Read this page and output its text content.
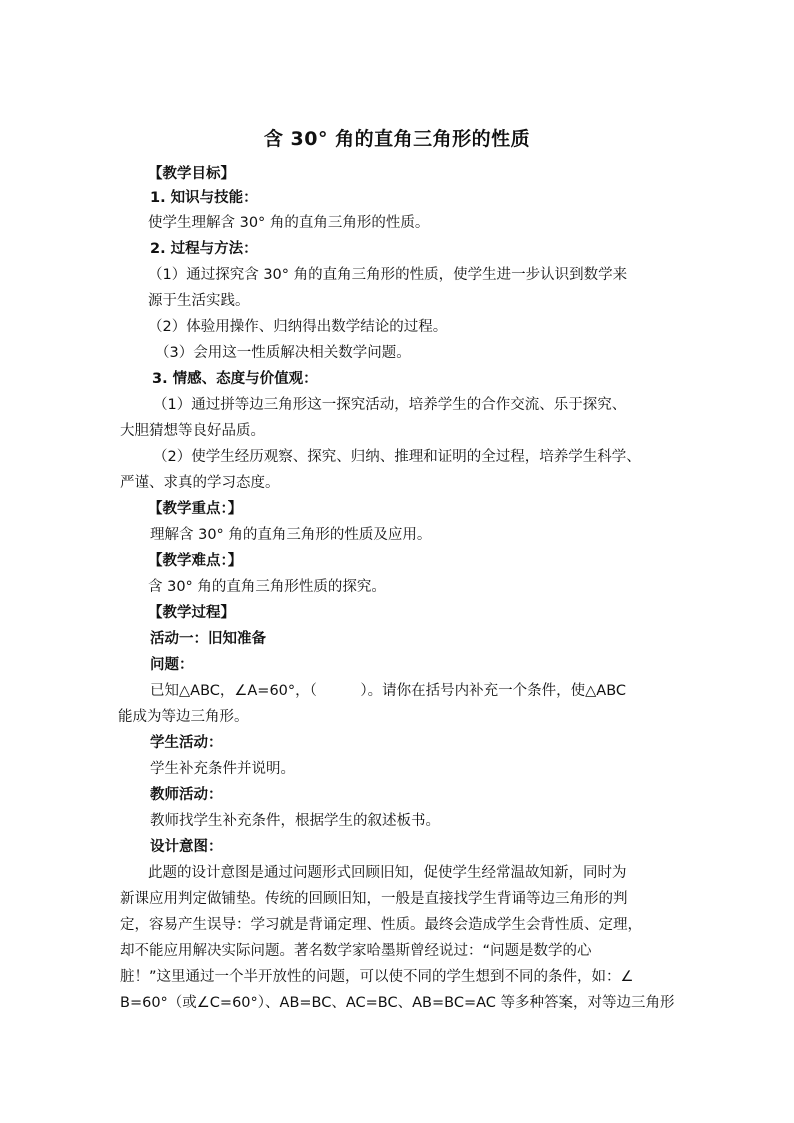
含 30° 角的直角三角形的性质
【教学目标】
1. 知识与技能：
使学生理解含 30° 角的直角三角形的性质。
2. 过程与方法：
（1）通过探究含 30° 角的直角三角形的性质，使学生进一步认识到数学来
源于生活实践。
（2）体验用操作、归纳得出数学结论的过程。
（3）会用这一性质解决相关数学问题。
3. 情感、态度与价值观：
（1）通过拼等边三角形这一探究活动，培养学生的合作交流、乐于探究、
大胆猜想等良好品质。
（2）使学生经历观察、探究、归纳、推理和证明的全过程，培养学生科学、
严谨、求真的学习态度。
【教学重点：】
理解含 30° 角的直角三角形的性质及应用。
【教学难点：】
含 30° 角的直角三角形性质的探究。
【教学过程】
活动一：旧知准备
问题：
已知△ABC，∠A=60°，（　　　）。请你在括号内补充一个条件，使△ABC
能成为等边三角形。
学生活动：
学生补充条件并说明。
教师活动：
教师找学生补充条件，根据学生的叙述板书。
设计意图：
此题的设计意图是通过问题形式回顾旧知，促使学生经常温故知新，同时为
新课应用判定做铺垫。传统的回顾旧知，一般是直接找学生背诵等边三角形的判
定，容易产生误导：学习就是背诵定理、性质。最终会造成学生会背性质、定理，
却不能应用解决实际问题。著名数学家哈墨斯曾经说过：“问题是数学的心
脏！”这里通过一个半开放性的问题，可以使不同的学生想到不同的条件，如：∠
B=60°（或∠C=60°）、AB=BC、AC=BC、AB=BC=AC 等多种答案，对等边三角形
